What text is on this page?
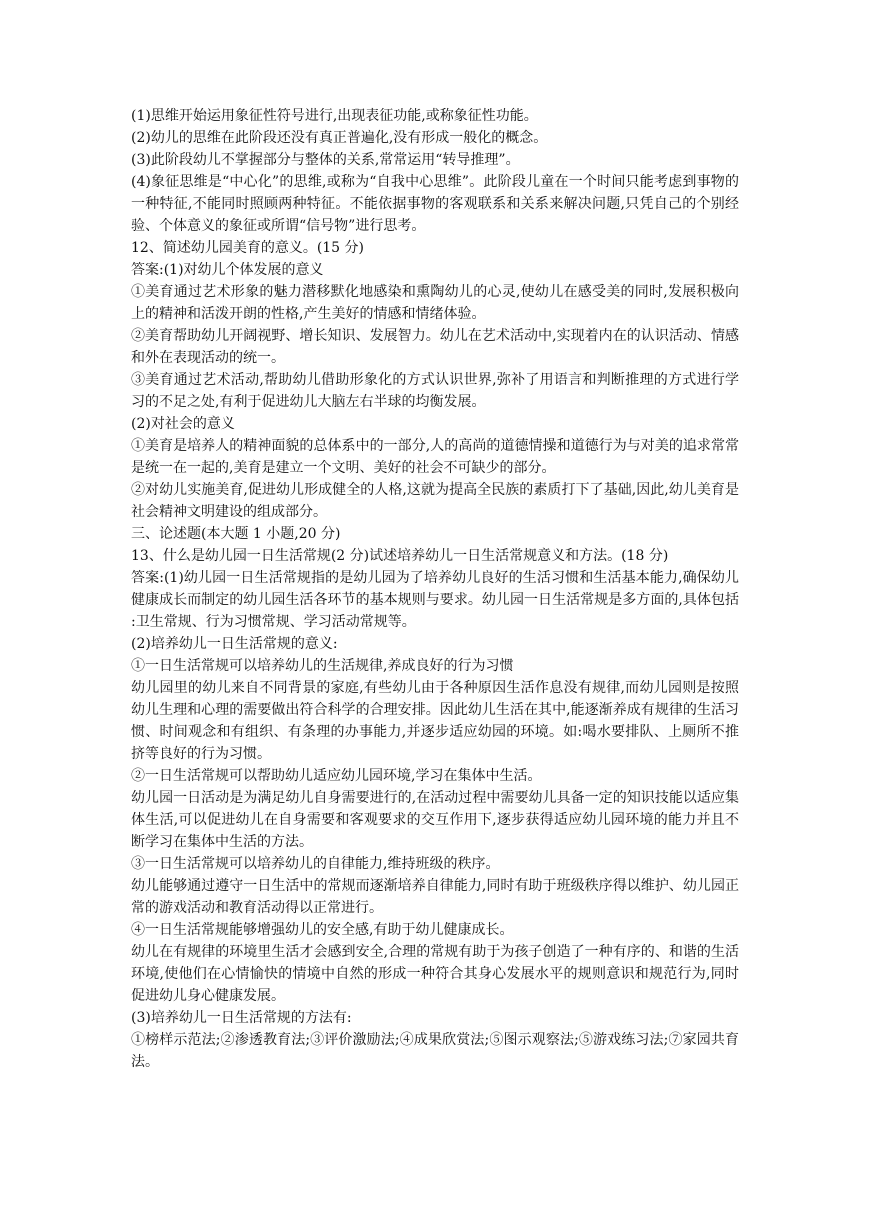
(1)思维开始运用象征性符号进行,出现表征功能,或称象征性功能。
(2)幼儿的思维在此阶段还没有真正普遍化,没有形成一般化的概念。
(3)此阶段幼儿不掌握部分与整体的关系,常常运用“转导推理”。
(4)象征思维是“中心化”的思维,或称为“自我中心思维”。此阶段儿童在一个时间只能考虑到事物的一种特征,不能同时照顾两种特征。不能依据事物的客观联系和关系来解决问题,只凭自己的个别经验、个体意义的象征或所谓“信号物”进行思考。
12、简述幼儿园美育的意义。(15 分)
答案:(1)对幼儿个体发展的意义
①美育通过艺术形象的魅力潜移默化地感染和熏陶幼儿的心灵,使幼儿在感受美的同时,发展积极向上的精神和活泼开朗的性格,产生美好的情感和情绪体验。
②美育帮助幼儿开阔视野、增长知识、发展智力。幼儿在艺术活动中,实现着内在的认识活动、情感和外在表现活动的统一。
③美育通过艺术活动,帮助幼儿借助形象化的方式认识世界,弥补了用语言和判断推理的方式进行学习的不足之处,有利于促进幼儿大脑左右半球的均衡发展。
(2)对社会的意义
①美育是培养人的精神面貌的总体系中的一部分,人的高尚的道德情操和道德行为与对美的追求常常是统一在一起的,美育是建立一个文明、美好的社会不可缺少的部分。
②对幼儿实施美育,促进幼儿形成健全的人格,这就为提高全民族的素质打下了基础,因此,幼儿美育是社会精神文明建设的组成部分。
三、论述题(本大题 1 小题,20 分)
13、什么是幼儿园一日生活常规(2 分)试述培养幼儿一日生活常规意义和方法。(18 分)
答案:(1)幼儿园一日生活常规指的是幼儿园为了培养幼儿良好的生活习惯和生活基本能力,确保幼儿健康成长而制定的幼儿园生活各环节的基本规则与要求。幼儿园一日生活常规是多方面的,具体包括:卫生常规、行为习惯常规、学习活动常规等。
(2)培养幼儿一日生活常规的意义:
①一日生活常规可以培养幼儿的生活规律,养成良好的行为习惯
幼儿园里的幼儿来自不同背景的家庭,有些幼儿由于各种原因生活作息没有规律,而幼儿园则是按照幼儿生理和心理的需要做出符合科学的合理安排。因此幼儿生活在其中,能逐渐养成有规律的生活习惯、时间观念和有组织、有条理的办事能力,并逐步适应幼园的环境。如:喝水要排队、上厕所不推挤等良好的行为习惯。
②一日生活常规可以帮助幼儿适应幼儿园环境,学习在集体中生活。
幼儿园一日活动是为满足幼儿自身需要进行的,在活动过程中需要幼儿具备一定的知识技能以适应集体生活,可以促进幼儿在自身需要和客观要求的交互作用下,逐步获得适应幼儿园环境的能力并且不断学习在集体中生活的方法。
③一日生活常规可以培养幼儿的自律能力,维持班级的秩序。
幼儿能够通过遵守一日生活中的常规而逐渐培养自律能力,同时有助于班级秩序得以维护、幼儿园正常的游戏活动和教育活动得以正常进行。
④一日生活常规能够增强幼儿的安全感,有助于幼儿健康成长。
幼儿在有规律的环境里生活才会感到安全,合理的常规有助于为孩子创造了一种有序的、和谐的生活环境,使他们在心情愉快的情境中自然的形成一种符合其身心发展水平的规则意识和规范行为,同时促进幼儿身心健康发展。
(3)培养幼儿一日生活常规的方法有:
①榜样示范法;②渗透教育法;③评价激励法;④成果欣赏法;⑤图示观察法;⑤游戏练习法;⑦家园共育法。
